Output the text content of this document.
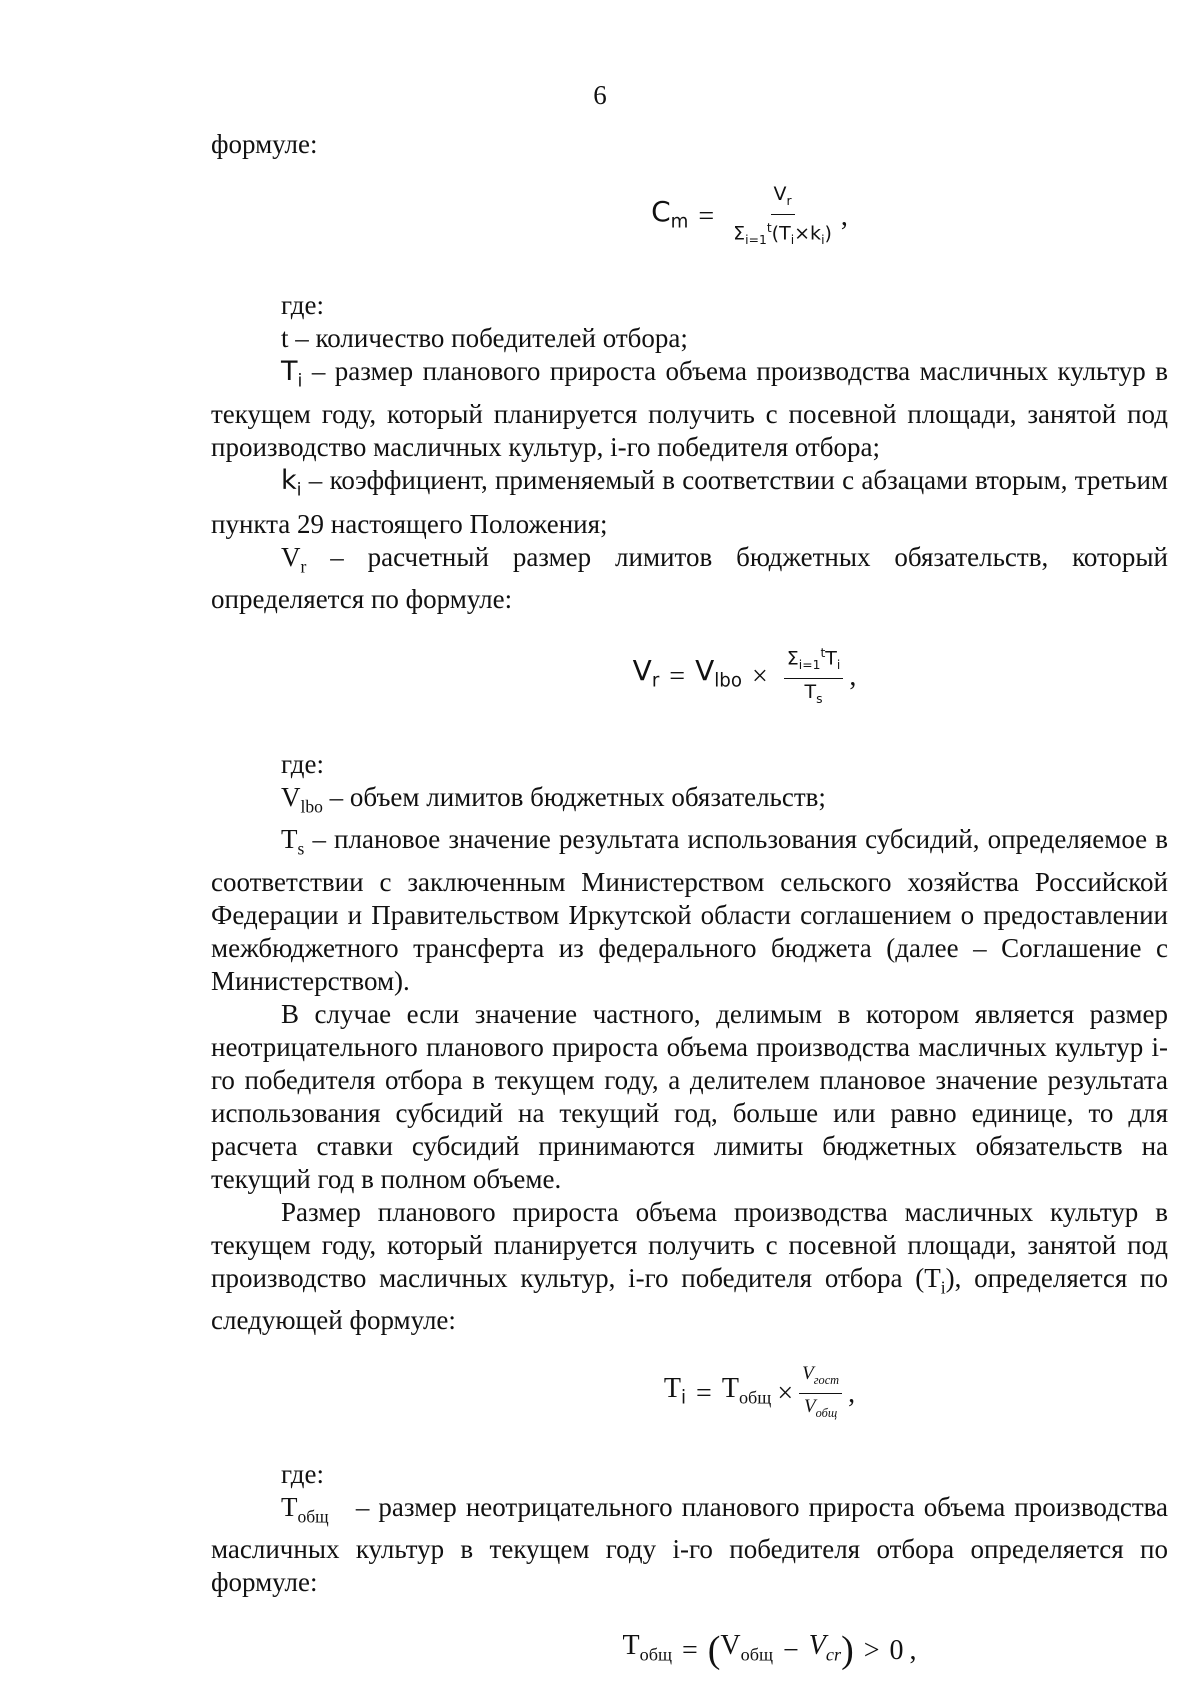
6

формуле:

$C_m = \frac{V_r}{\Sigma_{i=1}^t(T_i\times k_i)}$ ,

где:

t – количество победителей отбора;

$T_i$ – размер планового прироста объема производства масличных культур в текущем году, который планируется получить с посевной площади, занятой под производство масличных культур, i-го победителя отбора;

$k_i$ – коэффициент, применяемый в соответствии с абзацами вторым, третьим пункта 29 настоящего Положения;

$V_r$ – расчетный размер лимитов бюджетных обязательств, который определяется по формуле:

$V_r = V_{lbo} \times \frac{\Sigma_{i=1}^tT_i}{T_s}$ ,

где:

$V_{lbo}$ – объем лимитов бюджетных обязательств;

$T_s$ – плановое значение результата использования субсидий, определяемое в соответствии с заключенным Министерством сельского хозяйства Российской Федерации и Правительством Иркутской области соглашением о предоставлении межбюджетного трансферта из федерального бюджета (далее – Соглашение с Министерством).

В случае если значение частного, делимым в котором является размер неотрицательного планового прироста объема производства масличных культур i-го победителя отбора в текущем году, а делителем плановое значение результата использования субсидий на текущий год, больше или равно единице, то для расчета ставки субсидий принимаются лимиты бюджетных обязательств на текущий год в полном объеме.

Размер планового прироста объема производства масличных культур в текущем году, который планируется получить с посевной площади, занятой под производство масличных культур, i-го победителя отбора $(T_i)$, определяется по следующей формуле:

$T_i = T_{общ} \times \frac{V_{гост}}{V_{общ}}$ ,

где:

$T_{общ}$ – размер неотрицательного планового прироста объема производства масличных культур в текущем году i-го победителя отбора определяется по формуле:

$T_{общ}$ = ( $V_{общ} - V_{cr}$ ) > 0 ,
